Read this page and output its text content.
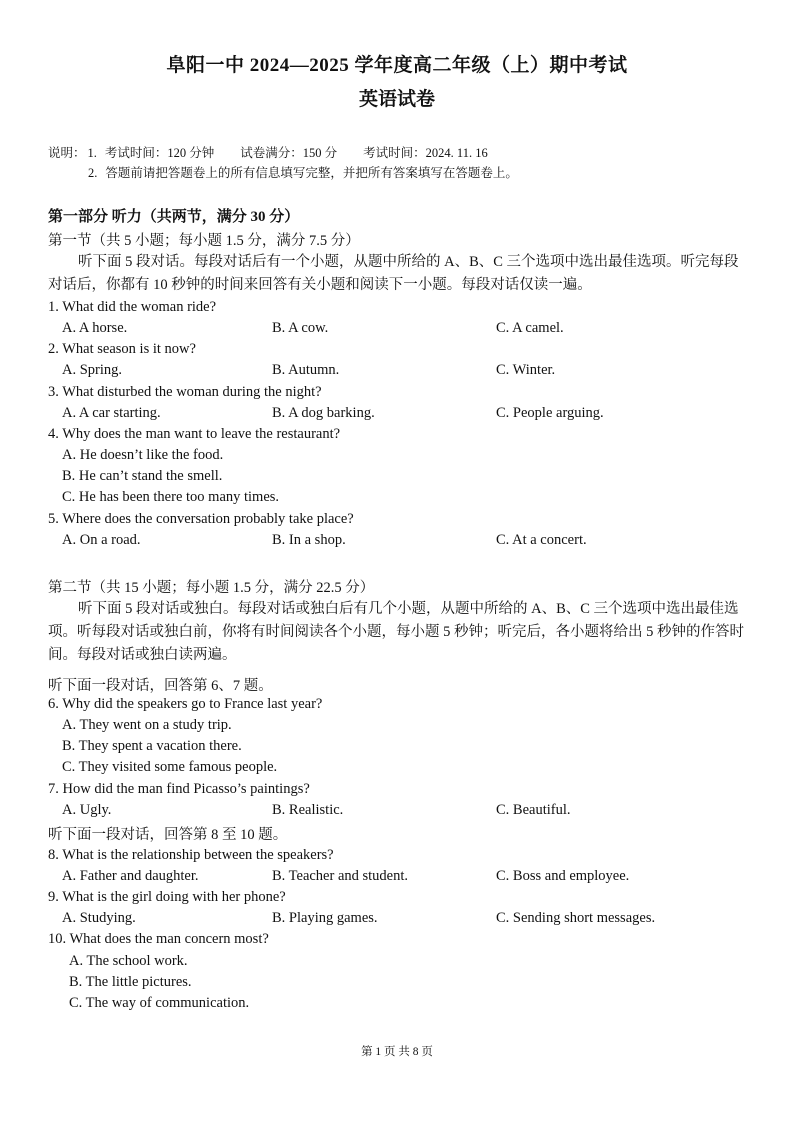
阜阳一中 2024—2025 学年度高二年级（上）期中考试
英语试卷
说明： 1. 考试时间：120 分钟 试卷满分：150 分 考试时间：2024. 11. 16
2. 答题前请把答题卷上的所有信息填写完整，并把所有答案填写在答题卷上。
第一部分 听力（共两节，满分 30 分）
第一节（共 5 小题；每小题 1.5 分，满分 7.5 分）
听下面 5 段对话。每段对话后有一个小题，从题中所给的 A、B、C 三个选项中选出最佳选项。听完每段对话后，你都有 10 秒钟的时间来回答有关小题和阅读下一小题。每段对话仅读一遍。
1. What did the woman ride?
A. A horse.	B. A cow.	C. A camel.
2. What season is it now?
A. Spring.	B. Autumn.	C. Winter.
3. What disturbed the woman during the night?
A. A car starting.	B. A dog barking.	C. People arguing.
4. Why does the man want to leave the restaurant?
A. He doesn’t like the food.
B. He can’t stand the smell.
C. He has been there too many times.
5. Where does the conversation probably take place?
A. On a road.	B. In a shop.	C. At a concert.
第二节（共 15 小题；每小题 1.5 分，满分 22.5 分）
听下面 5 段对话或独白。每段对话或独白后有几个小题，从题中所给的 A、B、C 三个选项中选出最佳选项。听每段对话或独白前，你将有时间阅读各个小题，每小题 5 秒钟；听完后，各小题将给出 5 秒钟的作答时间。每段对话或独白读两遍。
听下面一段对话，回答第 6、7 题。
6. Why did the speakers go to France last year?
A. They went on a study trip.
B. They spent a vacation there.
C. They visited some famous people.
7. How did the man find Picasso’s paintings?
A. Ugly.	B. Realistic.	C. Beautiful.
听下面一段对话，回答第 8 至 10 题。
8. What is the relationship between the speakers?
A. Father and daughter.	B. Teacher and student.	C. Boss and employee.
9. What is the girl doing with her phone?
A. Studying.	B. Playing games.	C. Sending short messages.
10. What does the man concern most?
A. The school work.
B. The little pictures.
C. The way of communication.
第 1 页 共 8 页
